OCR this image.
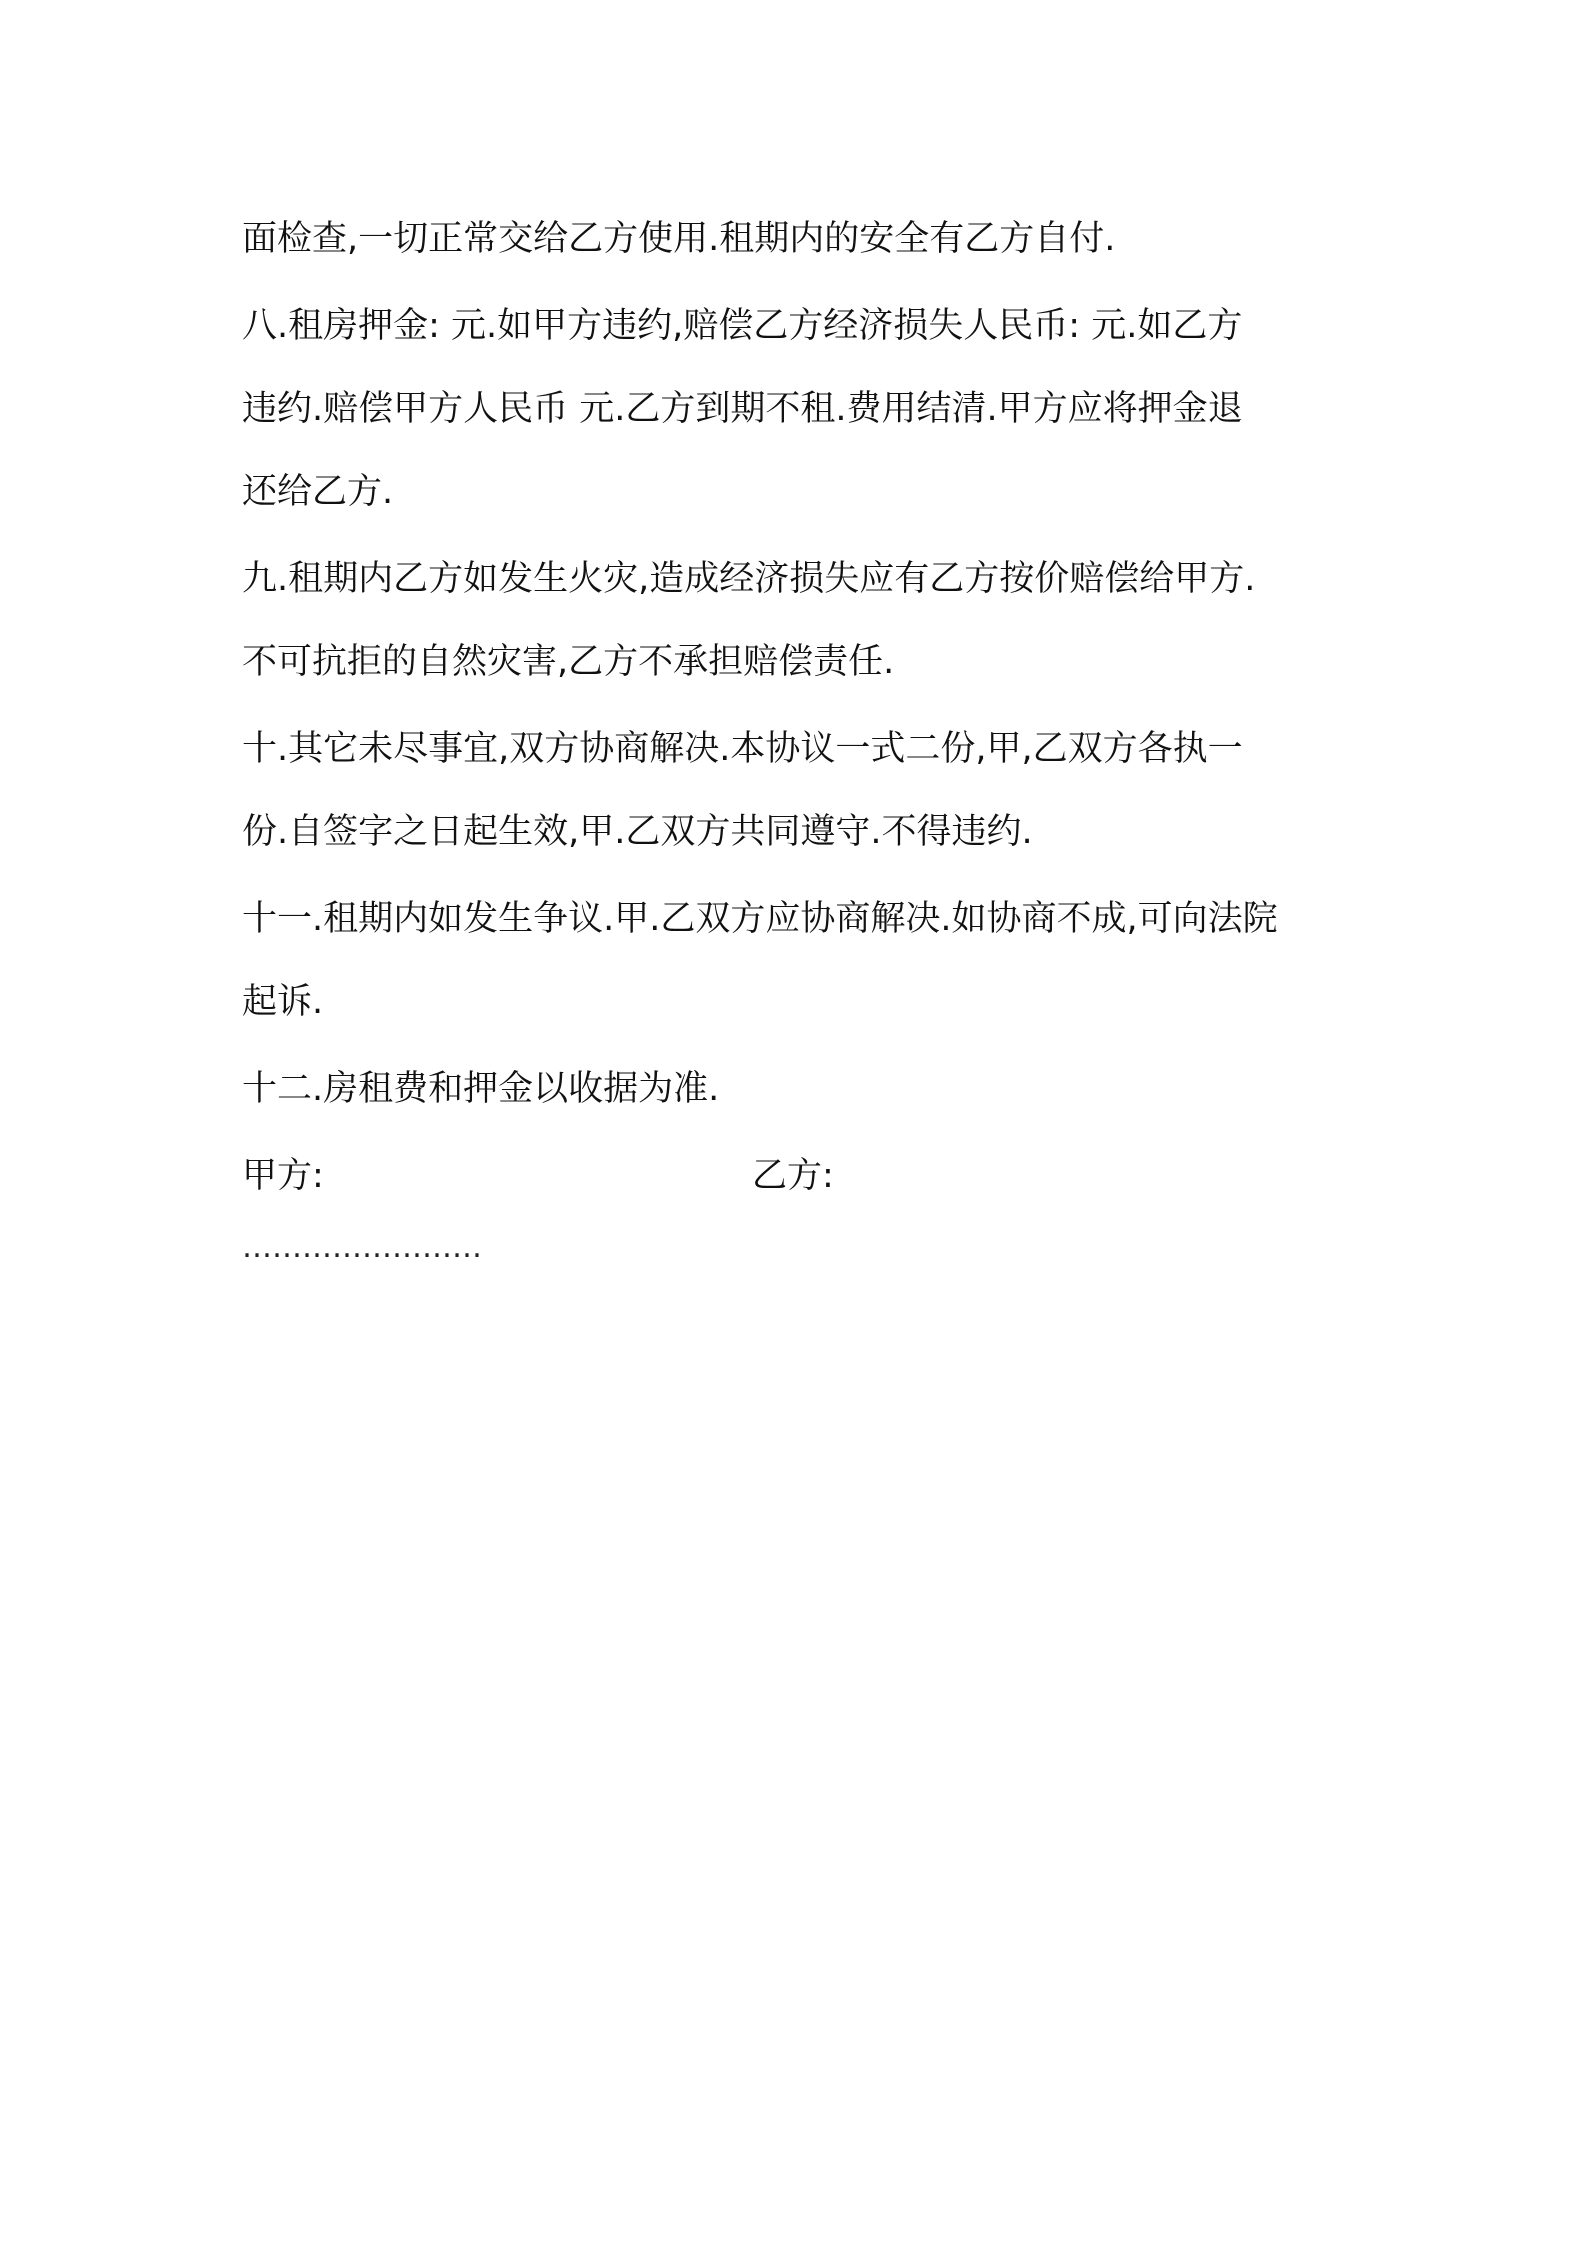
面检查,一切正常交给乙方使用.租期内的安全有乙方自付.

八.租房押金: 元.如甲方违约,赔偿乙方经济损失人民币: 元.如乙方
违约.赔偿甲方人民币 元.乙方到期不租.费用结清.甲方应将押金退
还给乙方.

九.租期内乙方如发生火灾,造成经济损失应有乙方按价赔偿给甲方.
不可抗拒的自然灾害,乙方不承担赔偿责任.

十.其它未尽事宜,双方协商解决.本协议一式二份,甲,乙双方各执一
份.自签字之日起生效,甲.乙双方共同遵守.不得违约.

十一.租期内如发生争议.甲.乙双方应协商解决.如协商不成,可向法院
起诉.

十二.房租费和押金以收据为准.

甲方:	乙方:
……………………
